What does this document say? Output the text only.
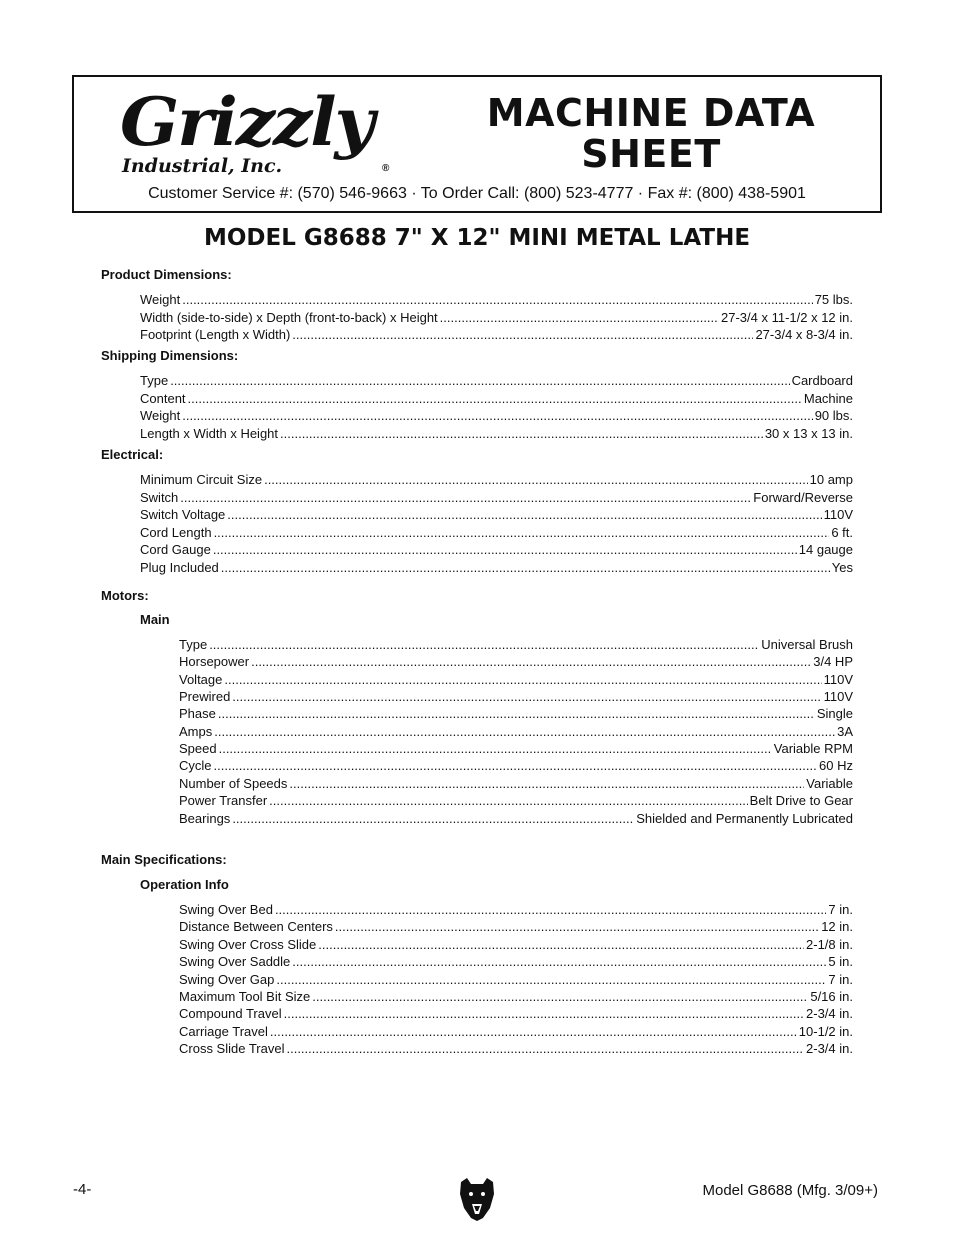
Grizzly
Industrial, Inc.	®
MACHINE DATA SHEET
Customer Service #: (570) 546-9663 · To Order Call: (800) 523-4777 · Fax #: (800) 438-5901
MODEL G8688 7" X 12" MINI METAL LATHE
Product Dimensions:
Weight .....	75 lbs.
Width (side-to-side) x Depth (front-to-back) x Height .....	27-3/4 x 11-1/2 x 12 in.
Footprint (Length x Width) .....	27-3/4 x 8-3/4 in.
Shipping Dimensions:
Type .....	Cardboard
Content .....	Machine
Weight .....	90 lbs.
Length x Width x Height .....	30 x 13 x 13 in.
Electrical:
Minimum Circuit Size .....	10 amp
Switch .....	Forward/Reverse
Switch Voltage .....	110V
Cord Length .....	6 ft.
Cord Gauge .....	14 gauge
Plug Included .....	Yes
Motors:
Main
Type .....	Universal Brush
Horsepower .....	3/4 HP
Voltage .....	110V
Prewired .....	110V
Phase .....	Single
Amps .....	3A
Speed .....	Variable RPM
Cycle .....	60 Hz
Number of Speeds .....	Variable
Power Transfer .....	Belt Drive to Gear
Bearings .....	Shielded and Permanently Lubricated
Main Specifications:
Operation Info
Swing Over Bed .....	7 in.
Distance Between Centers .....	12 in.
Swing Over Cross Slide .....	2-1/8 in.
Swing Over Saddle .....	5 in.
Swing Over Gap .....	7 in.
Maximum Tool Bit Size .....	5/16 in.
Compound Travel .....	2-3/4 in.
Carriage Travel .....	10-1/2 in.
Cross Slide Travel .....	2-3/4 in.
-4-	Model G8688 (Mfg. 3/09+)
